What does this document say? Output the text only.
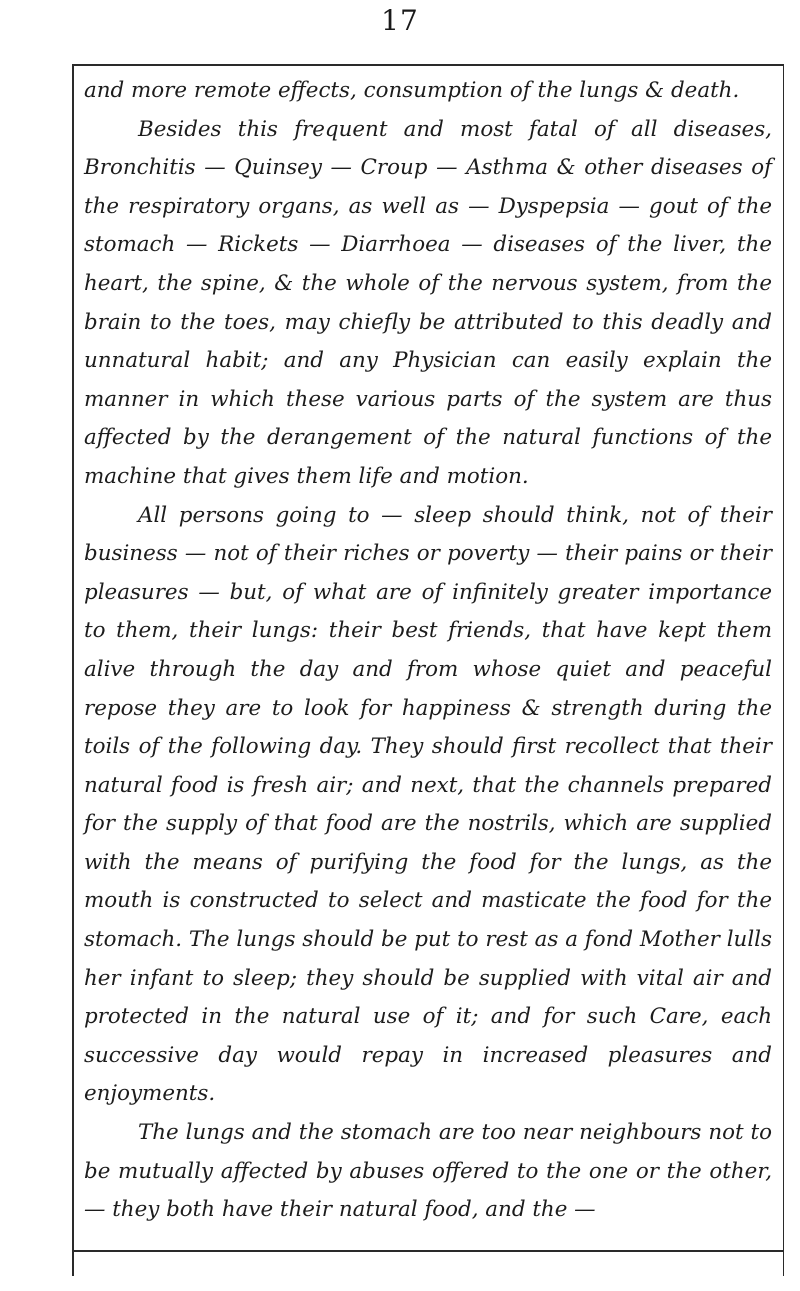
17

and more remote effects, consumption of the lungs & death.

Besides this frequent and most fatal of all diseases, Bronchitis — Quinsey — Croup — Asthma & other diseases of the respiratory organs, as well as — Dyspepsia — gout of the stomach — Rickets — Diarrhoea — diseases of the liver, the heart, the spine, & the whole of the nervous system, from the brain to the toes, may chiefly be attributed to this deadly and unnatural habit; and any Physician can easily explain the manner in which these various parts of the system are thus affected by the derangement of the natural functions of the machine that gives them life and motion.

All persons going to — sleep should think, not of their business — not of their riches or poverty — their pains or their pleasures — but, of what are of infinitely greater importance to them, their lungs: their best friends, that have kept them alive through the day and from whose quiet and peaceful repose they are to look for happiness & strength during the toils of the following day. They should first recollect that their natural food is fresh air; and next, that the channels prepared for the supply of that food are the nostrils, which are supplied with the means of purifying the food for the lungs, as the mouth is constructed to select and masticate the food for the stomach. The lungs should be put to rest as a fond Mother lulls her infant to sleep; they should be supplied with vital air and protected in the natural use of it; and for such Care, each successive day would repay in increased pleasures and enjoyments.

The lungs and the stomach are too near neighbours not to be mutually affected by abuses offered to the one or the other, — they both have their natural food, and the —
